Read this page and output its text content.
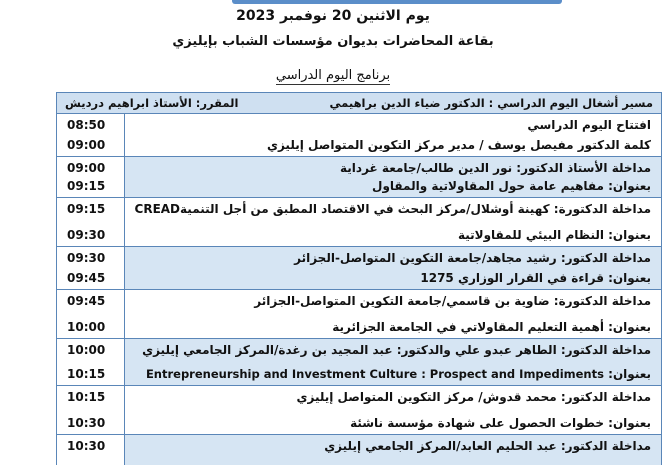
يوم الاثنين 20 نوفمبر 2023
بقاعة المحاضرات بديوان مؤسسات الشباب بإيليزي
برنامج اليوم الدراسي
مسير أشغال اليوم الدراسي : الدكتور ضياء الدين براهيمي
المقرر: الأستاذ ابراهيم درديش
08:50
09:00
افتتاح اليوم الدراسي
كلمة الدكتور مفيصل يوسف / مدير مركز التكوين المتواصل إيليزي
09:00
09:15
مداخلة الأستاذ الدكتور: نور الدين طالب/جامعة غرداية
بعنوان: مفاهيم عامة حول المقاولاتية والمقاول
09:15
09:30
مداخلة الدكتورة: كهينة أوشلال/مركز البحث في الاقتصاد المطبق من أجل التنميةCREAD
بعنوان: النظام البيئي للمقاولاتية
09:30
09:45
مداخلة الدكتور: رشيد مجاهد/جامعة التكوين المتواصل-الجزائر
بعنوان: قراءة في القرار الوزاري 1275
09:45
10:00
مداخلة الدكتورة: ضاوية بن قاسمي/جامعة التكوين المتواصل-الجزائر
بعنوان: أهمية التعليم المقاولاتي في الجامعة الجزائرية
10:00
10:15
مداخلة الدكتور: الطاهر عبدو علي والدكتور: عبد المجيد بن رغدة/المركز الجامعي إيليزي
بعنوان: Entrepreneurship and Investment Culture : Prospect and Impediments
10:15
10:30
مداخلة الدكتور: محمد قدوش/ مركز التكوين المتواصل إيليزي
بعنوان: خطوات الحصول على شهادة مؤسسة ناشئة
10:30	مداخلة الدكتور: عبد الحليم العابد/المركز الجامعي إيليزي
